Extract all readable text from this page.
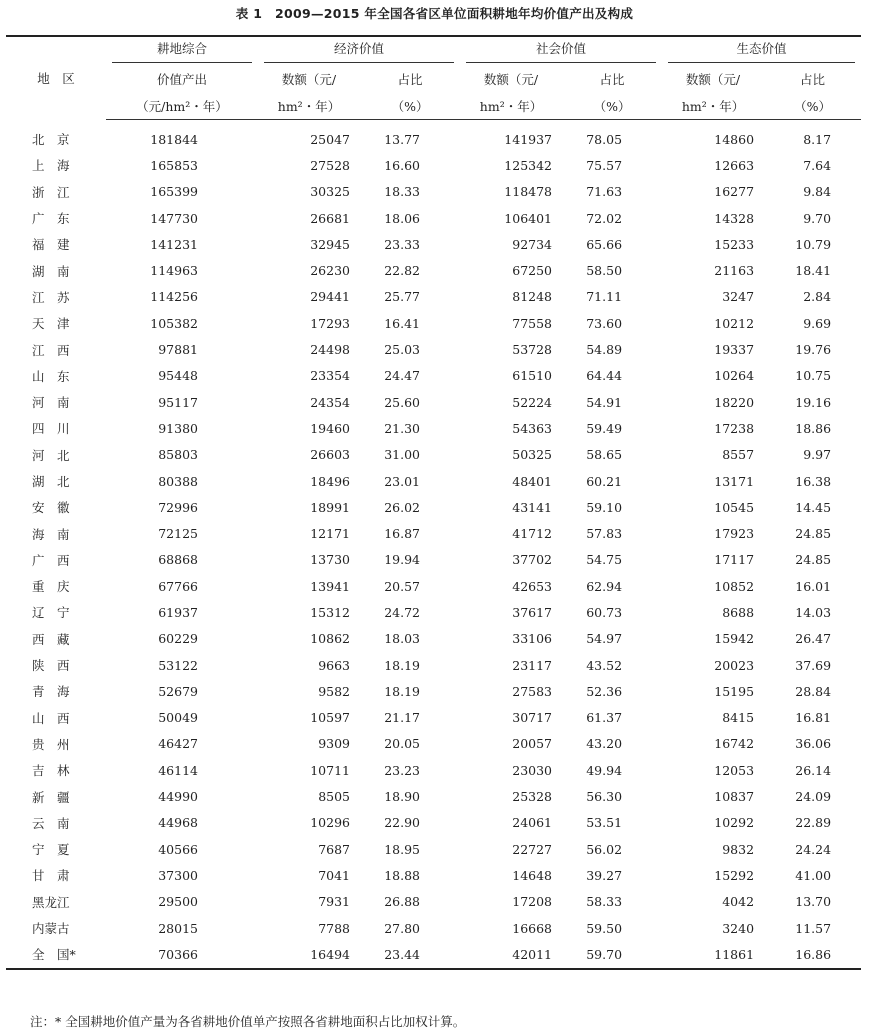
表 1　2009—2015 年全国各省区单位面积耕地年均价值产出及构成
地　区	耕地综合	经济价值		社会价值		生态价值	

	价值产出	数额（元/	占比	数额（元/	占比	数额（元/	占比
	（元/hm²・年）	hm²・年）	（%）	hm²・年）	（%）	hm²・年）	（%）
北　京	181844	25047	13.77	141937	78.05	14860	8.17
上　海	165853	27528	16.60	125342	75.57	12663	7.64
浙　江	165399	30325	18.33	118478	71.63	16277	9.84
广　东	147730	26681	18.06	106401	72.02	14328	9.70
福　建	141231	32945	23.33	92734	65.66	15233	10.79
湖　南	114963	26230	22.82	67250	58.50	21163	18.41
江　苏	114256	29441	25.77	81248	71.11	3247	2.84
天　津	105382	17293	16.41	77558	73.60	10212	9.69
江　西	97881	24498	25.03	53728	54.89	19337	19.76
山　东	95448	23354	24.47	61510	64.44	10264	10.75
河　南	95117	24354	25.60	52224	54.91	18220	19.16
四　川	91380	19460	21.30	54363	59.49	17238	18.86
河　北	85803	26603	31.00	50325	58.65	8557	9.97
湖　北	80388	18496	23.01	48401	60.21	13171	16.38
安　徽	72996	18991	26.02	43141	59.10	10545	14.45
海　南	72125	12171	16.87	41712	57.83	17923	24.85
广　西	68868	13730	19.94	37702	54.75	17117	24.85
重　庆	67766	13941	20.57	42653	62.94	10852	16.01
辽　宁	61937	15312	24.72	37617	60.73	8688	14.03
西　藏	60229	10862	18.03	33106	54.97	15942	26.47
陕　西	53122	9663	18.19	23117	43.52	20023	37.69
青　海	52679	9582	18.19	27583	52.36	15195	28.84
山　西	50049	10597	21.17	30717	61.37	8415	16.81
贵　州	46427	9309	20.05	20057	43.20	16742	36.06
吉　林	46114	10711	23.23	23030	49.94	12053	26.14
新　疆	44990	8505	18.90	25328	56.30	10837	24.09
云　南	44968	10296	22.90	24061	53.51	10292	22.89
宁　夏	40566	7687	18.95	22727	56.02	9832	24.24
甘　肃	37300	7041	18.88	14648	39.27	15292	41.00
黑龙江	29500	7931	26.88	17208	58.33	4042	13.70
内蒙古	28015	7788	27.80	16668	59.50	3240	11.57
全　国*	70366	16494	23.44	42011	59.70	11861	16.86
注：* 全国耕地价值产量为各省耕地价值单产按照各省耕地面积占比加权计算。
